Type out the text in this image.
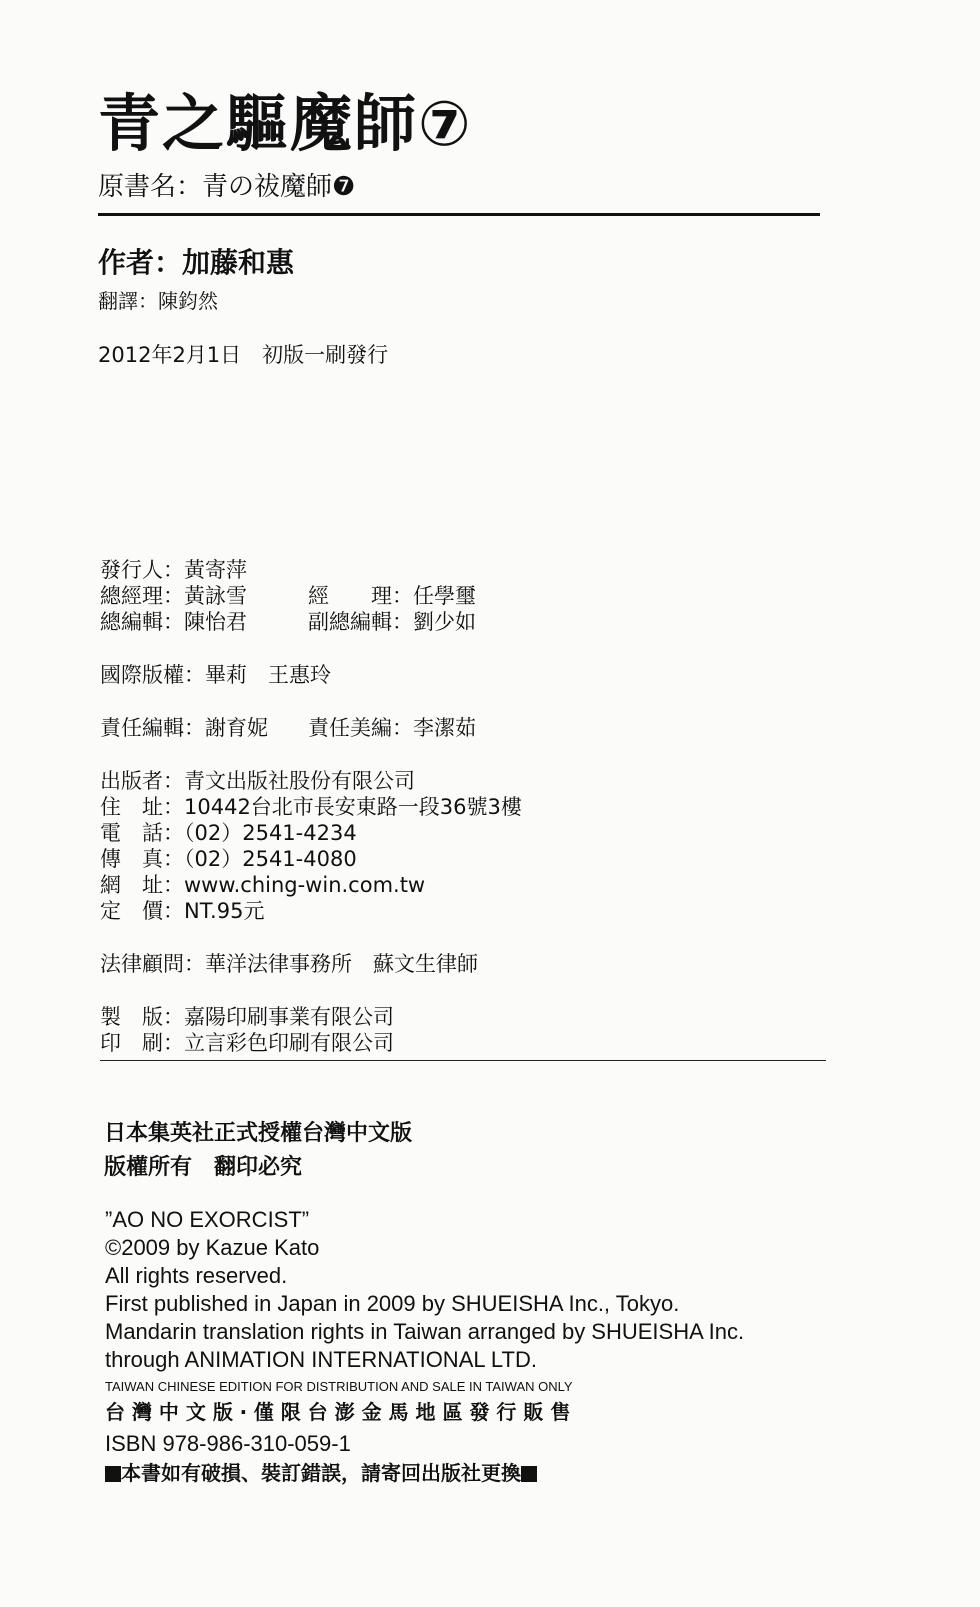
青之驅魔師⑦
原書名：青の祓魔師❼
作者：加藤和惠
翻譯：陳鈞然
2012年2月1日　初版一刷發行
發行人：黃寄萍
總經理：黃詠雪	經　　理：任學璽
總編輯：陳怡君	副總編輯：劉少如
國際版權：畢莉　王惠玲
責任編輯：謝育妮 責任美編：李潔茹
出版者：青文出版社股份有限公司
住　址：10442台北市長安東路一段36號3樓
電　話：（02）2541-4234
傳　真：（02）2541-4080
網　址：www.ching-win.com.tw
定　價：NT.95元
法律顧問：華洋法律事務所　蘇文生律師
製　版：嘉陽印刷事業有限公司
印　刷：立言彩色印刷有限公司
日本集英社正式授權台灣中文版
版權所有　翻印必究
”AO NO EXORCIST”
©2009 by Kazue Kato
All rights reserved.
First published in Japan in 2009 by SHUEISHA Inc., Tokyo.
Mandarin translation rights in Taiwan arranged by SHUEISHA Inc.
through ANIMATION INTERNATIONAL LTD.
TAIWAN CHINESE EDITION FOR DISTRIBUTION AND SALE IN TAIWAN ONLY
台 灣 中 文 版 ‧ 僅 限 台 澎 金 馬 地 區 發 行 販 售
ISBN 978-986-310-059-1
本書如有破損、裝訂錯誤，請寄回出版社更換
